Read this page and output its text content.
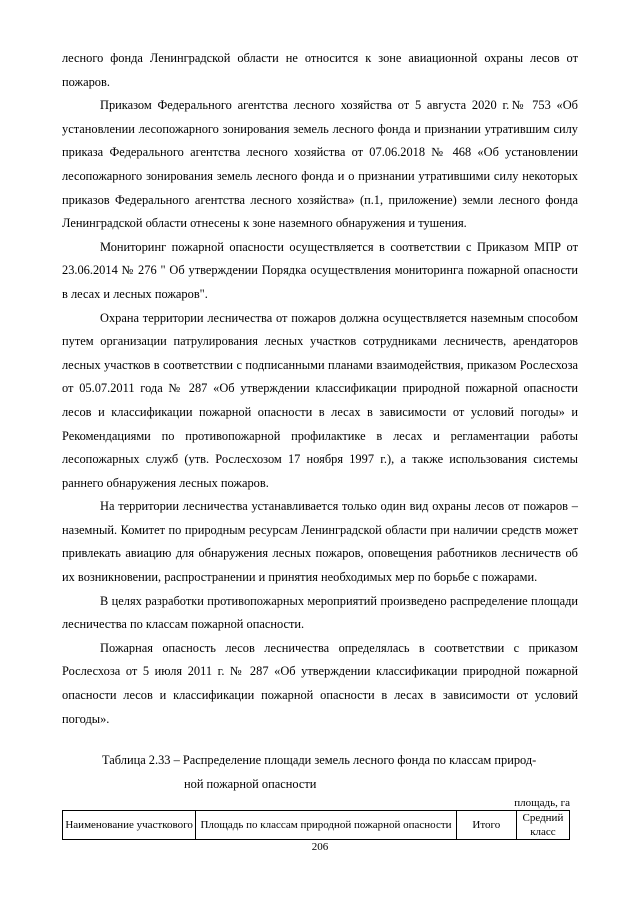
лесного фонда Ленинградской области не относится к зоне авиационной охраны лесов от пожаров.

Приказом Федерального агентства лесного хозяйства от 5 августа 2020 г.№ 753 «Об установлении лесопожарного зонирования земель лесного фонда и признании утратившим силу приказа Федерального агентства лесного хозяйства от 07.06.2018 № 468 «Об установлении лесопожарного зонирования земель лесного фонда и о признании утратившими силу некоторых приказов Федерального агентства лесного хозяйства» (п.1, приложение) земли лесного фонда Ленинградской области отнесены к зоне наземного обнаружения и тушения.

Мониторинг пожарной опасности осуществляется в соответствии с Приказом МПР от 23.06.2014 № 276 " Об утверждении Порядка осуществления мониторинга пожарной опасности в лесах и лесных пожаров".

Охрана территории лесничества от пожаров должна осуществляется наземным способом путем организации патрулирования лесных участков сотрудниками лесничеств, арендаторов лесных участков в соответствии с подписанными планами взаимодействия, приказом Рослесхоза от 05.07.2011 года № 287 «Об утверждении классификации природной пожарной опасности лесов и классификации пожарной опасности в лесах в зависимости от условий погоды» и Рекомендациями по противопожарной профилактике в лесах и регламентации работы лесопожарных служб (утв. Рослесхозом 17 ноября 1997 г.), а также использования системы раннего обнаружения лесных пожаров.

На территории лесничества устанавливается только один вид охраны лесов от пожаров – наземный. Комитет по природным ресурсам Ленинградской области при наличии средств может привлекать авиацию для обнаружения лесных пожаров, оповещения работников лесничеств об их возникновении, распространении и принятия необходимых мер по борьбе с пожарами.

В целях разработки противопожарных мероприятий произведено распределение площади лесничества по классам пожарной опасности.

Пожарная опасность лесов лесничества определялась в соответствии с приказом Рослесхоза от 5 июля 2011 г. № 287 «Об утверждении классификации природной пожарной опасности лесов и классификации пожарной опасности в лесах в зависимости от условий погоды».

Таблица 2.33 – Распределение площади земель лесного фонда по классам природ-
ной пожарной опасности
площадь, га
Наименование участкового	Площадь по классам природной пожарной опасности	Итого	Средний класс
206
